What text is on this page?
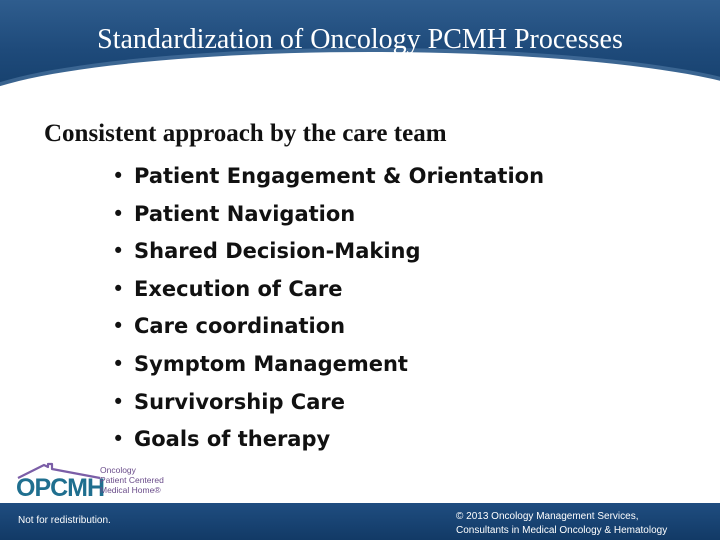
Standardization of Oncology PCMH Processes
Consistent approach by the care team
• Patient Engagement & Orientation
• Patient Navigation
• Shared Decision-Making
• Execution of Care
• Care coordination
• Symptom Management
• Survivorship Care
• Goals of therapy
OPCMH
Oncology
Patient Centered
Medical Home®
Not for redistribution.	© 2013 Oncology Management Services,
Consultants in Medical Oncology & Hematology
